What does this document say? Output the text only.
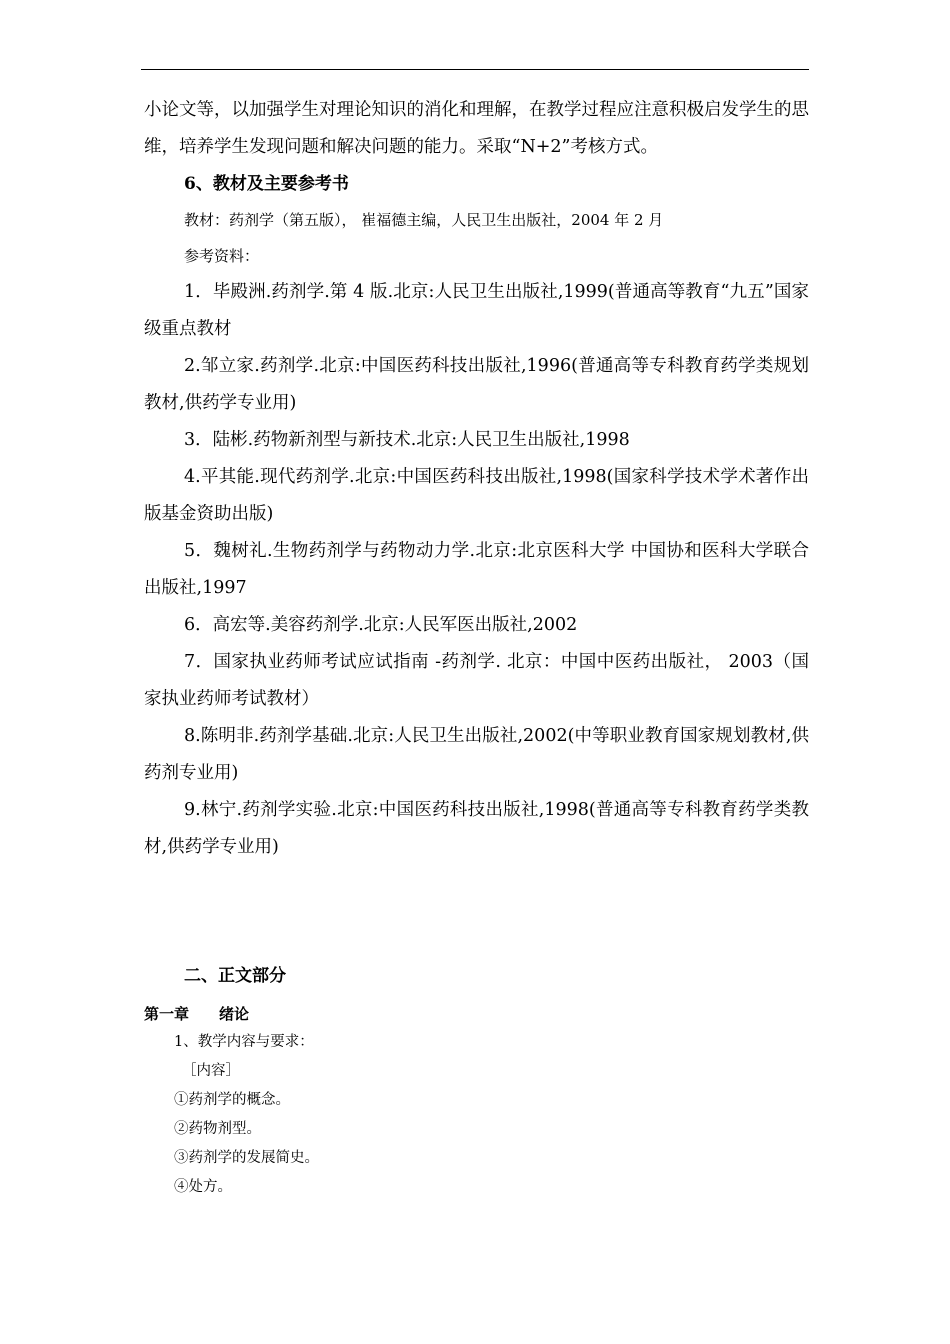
小论文等，以加强学生对理论知识的消化和理解，在教学过程应注意积极启发学生的思维，培养学生发现问题和解决问题的能力。采取“N+2”考核方式。

6、教材及主要参考书

教材：药剂学（第五版）， 崔福德主编，人民卫生出版社，2004 年 2 月

参考资料：

1．毕殿洲.药剂学.第 4 版.北京:人民卫生出版社,1999(普通高等教育“九五”国家级重点教材

2.邹立家.药剂学.北京:中国医药科技出版社,1996(普通高等专科教育药学类规划教材,供药学专业用)

3．陆彬.药物新剂型与新技术.北京:人民卫生出版社,1998

4.平其能.现代药剂学.北京:中国医药科技出版社,1998(国家科学技术学术著作出版基金资助出版)

5．魏树礼.生物药剂学与药物动力学.北京:北京医科大学 中国协和医科大学联合出版社,1997

6．高宏等.美容药剂学.北京:人民军医出版社,2002

7．国家执业药师考试应试指南 -药剂学. 北京：中国中医药出版社， 2003（国家执业药师考试教材）

8.陈明非.药剂学基础.北京:人民卫生出版社,2002(中等职业教育国家规划教材,供药剂专业用)

9.林宁.药剂学实验.北京:中国医药科技出版社,1998(普通高等专科教育药学类教材,供药学专业用)

二、正文部分
第一章 绪论
1、教学内容与要求：
［内容］
①药剂学的概念。
②药物剂型。
③药剂学的发展简史。
④处方。
